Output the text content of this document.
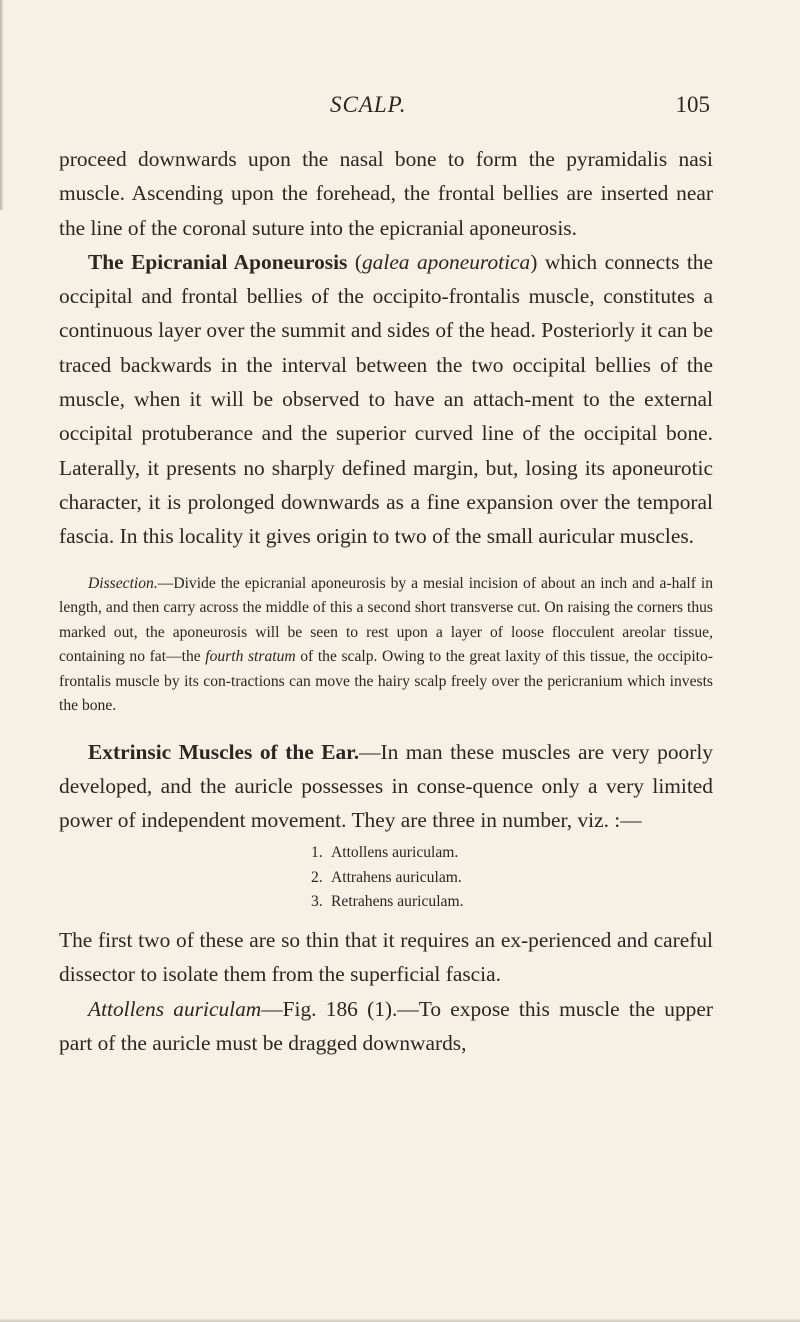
SCALP.	105

proceed downwards upon the nasal bone to form the pyramidalis nasi muscle. Ascending upon the forehead, the frontal bellies are inserted near the line of the coronal suture into the epicranial aponeurosis.

The Epicranial Aponeurosis (galea aponeurotica) which connects the occipital and frontal bellies of the occipito-frontalis muscle, constitutes a continuous layer over the summit and sides of the head. Posteriorly it can be traced backwards in the interval between the two occipital bellies of the muscle, when it will be observed to have an attach-ment to the external occipital protuberance and the superior curved line of the occipital bone. Laterally, it presents no sharply defined margin, but, losing its aponeurotic character, it is prolonged downwards as a fine expansion over the temporal fascia. In this locality it gives origin to two of the small auricular muscles.

Dissection.—Divide the epicranial aponeurosis by a mesial incision of about an inch and a-half in length, and then carry across the middle of this a second short transverse cut. On raising the corners thus marked out, the aponeurosis will be seen to rest upon a layer of loose flocculent areolar tissue, containing no fat—the fourth stratum of the scalp. Owing to the great laxity of this tissue, the occipito-frontalis muscle by its con-tractions can move the hairy scalp freely over the pericranium which invests the bone.

Extrinsic Muscles of the Ear.—In man these muscles are very poorly developed, and the auricle possesses in conse-quence only a very limited power of independent movement. They are three in number, viz. :—

1. Attollens auriculam.
2. Attrahens auriculam.
3. Retrahens auriculam.

The first two of these are so thin that it requires an ex-perienced and careful dissector to isolate them from the superficial fascia.

Attollens auriculam—Fig. 186 (1).—To expose this muscle the upper part of the auricle must be dragged downwards,
